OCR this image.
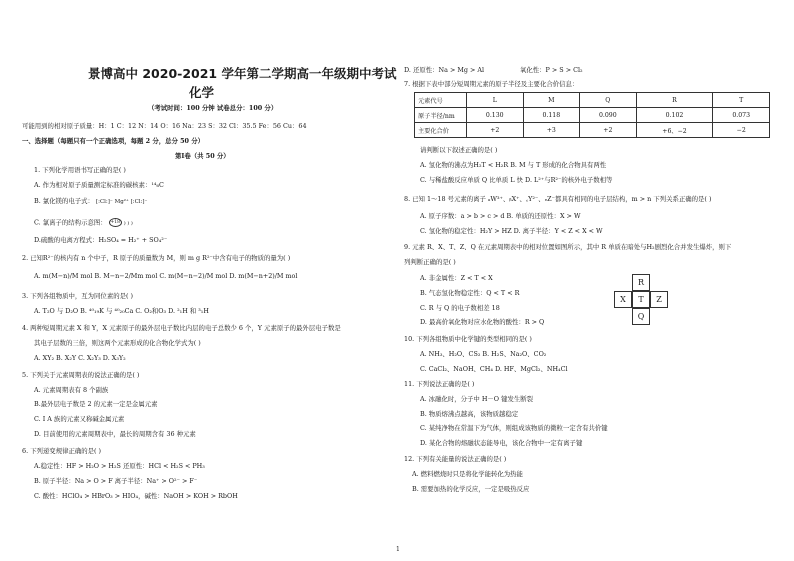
景博高中 2020-2021 学年第二学期高一年级期中考试
化学
（考试时间：100 分钟 试卷总分：100 分）
可能用到的相对原子质量：H：1 C：12 N：14 O：16 Na：23 S：32 Cl：35.5 Fe：56 Cu：64
一、选择题（每题只有一个正确选项，每题 2 分，总分 50 分）
第Ⅰ卷（共 50 分）
1. 下列化学用语书写正确的是( )
A. 作为相对原子质量测定标准的碳核素：¹⁴₆C
B. 氯化镁的电子式： [:Cl:]⁻ Mg²⁺ [:Cl:]⁻
C. 氯离子的结构示意图： +18 ) ) )
D.硫酸的电离方程式：H₂SO₄ = H₂⁺ + SO₄²⁻
2. 已知R²⁻的核内有 n 个中子，R 原子的质量数为 M，则 m g R²⁻中含有电子的物质的量为( )
A. m(M−n)/M mol B. M−n−2/Mm mol C. m(M−n−2)/M mol D. m(M−n+2)/M mol
3. 下列各组物质中，互为同位素的是( )
A. T₂O 与 D₂O B. ⁴⁰₁₉K 与 ⁴⁰₂₀Ca C. O₂和O₃ D. ²₁H 和 ³₁H
4. 两种短周期元素 X 和 Y，X 元素原子的最外层电子数比内层的电子总数少 6 个，Y 元素原子的最外层电子数是
其电子层数的三倍，则这两个元素形成的化合物化学式为( )
A. XY₂ B. X₂Y C. X₂Y₃ D. X₃Y₂
5. 下列关于元素周期表的说法正确的是( )
A. 元素周期表有 8 个副族
B.最外层电子数是 2 的元素一定是金属元素
C. I A 族的元素又称碱金属元素
D. 目前使用的元素周期表中，最长的周期含有 36 种元素
6. 下列递变规律正确的是( )
A.稳定性：HF > H₂O > H₂S 还原性：HCl < H₂S < PH₃
B. 原子半径：Na > O > F 离子半径：Na⁺ > O²⁻ > F⁻
C. 酸性：HClO₄ > HBrO₃ > HIO₄，碱性：NaOH > KOH > RbOH
D. 还原性：Na > Mg > Al	氧化性：P > S > Cl₂
7. 根据下表中部分短周期元素的原子半径及主要化合价信息：
元素代号	L	M	Q	R	T
原子半径/nm	0.130	0.118	0.090	0.102	0.073
主要化合价	+2	+3	+2	+6、−2	−2
请判断以下叙述正确的是( )
A. 氢化物的沸点为H₂T < H₂R B. M 与 T 形成的化合物具有两性
C. 与稀盐酸反应单质 Q 比单质 L 快 D. L²⁺与R²⁻的核外电子数相等
8. 已知 1～18 号元素的离子 ₐW³⁺、ᵦX⁺、꜀Y²⁻、ₑZ⁻都具有相同的电子层结构，m > n 下列关系正确的是( )
A. 原子序数：a > b > c > d B. 单质的还原性：X > W
C. 氢化物的稳定性：H₂Y > HZ D. 离子半径：Y < Z < X < W
9. 元素 R、X、T、Z、Q 在元素周期表中的相对位置如图所示，其中 R 单质在暗处与H₂剧烈化合并发生爆炸，则下
列判断正确的是( )
A. 非金属性：Z < T < X
B. 气态氢化物稳定性：Q < T < R
C. R 与 Q 的电子数相差 18
D. 最高价氧化物对应水化物的酸性：R > Q
R
X	T	Z
Q
10. 下列各组物质中化学键的类型相同的是( )
A. NH₃、H₂O、CS₂ B. H₂S、Na₂O、CO₂
C. CaCl₂、NaOH、CH₄ D. HF、MgCl₂、NH₄Cl
11. 下列说法正确的是( )
A. 冰融化时，分子中 H－O 键发生断裂
B. 物质熔沸点越高，该物质越稳定
C. 某纯净物在常温下为气体，则组成该物质的微粒一定含有共价键
D. 某化合物的熔融状态能导电，该化合物中一定有离子键
12. 下列有关能量的说法正确的是( )
A. 燃料燃烧时只是将化学能转化为热能
B. 需要加热的化学反应，一定是吸热反应
1
